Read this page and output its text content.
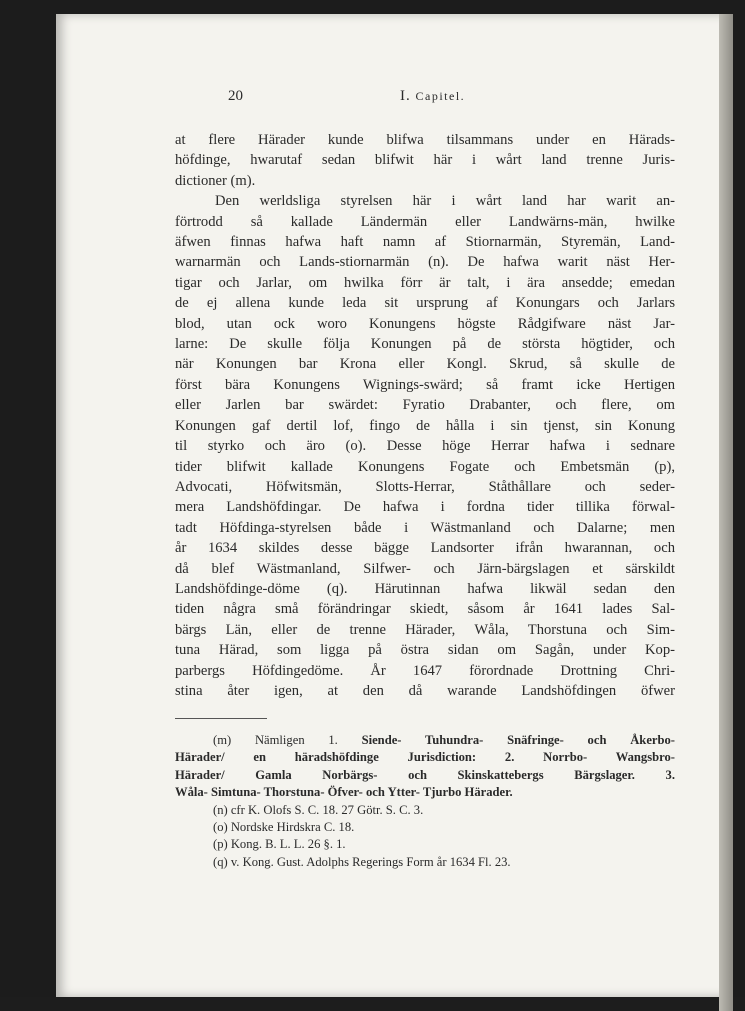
20	I. Capitel.
at flere Härader kunde blifwa tilsammans under en Härads-
höfdinge, hwarutaf sedan blifwit här i wårt land trenne Juris-
dictioner (m).
Den werldsliga styrelsen här i wårt land har warit an-
förtrodd så kallade Ländermän eller Landwärns-män, hwilke
äfwen finnas hafwa haft namn af Stiornarmän, Styremän, Land-
warnarmän och Lands-stiornarmän (n). De hafwa warit näst Her-
tigar och Jarlar, om hwilka förr är talt, i ära ansedde; emedan
de ej allena kunde leda sit ursprung af Konungars och Jarlars
blod, utan ock woro Konungens högste Rådgifware näst Jar-
larne: De skulle följa Konungen på de största högtider, och
när Konungen bar Krona eller Kongl. Skrud, så skulle de
först bära Konungens Wignings-swärd; så framt icke Hertigen
eller Jarlen bar swärdet: Fyratio Drabanter, och flere, om
Konungen gaf dertil lof, fingo de hålla i sin tjenst, sin Konung
til styrko och äro (o). Desse höge Herrar hafwa i sednare
tider blifwit kallade Konungens Fogate och Embetsmän (p),
Advocati, Höfwitsmän, Slotts-Herrar, Ståthållare och seder-
mera Landshöfdingar. De hafwa i fordna tider tillika förwal-
tadt Höfdinga-styrelsen både i Wästmanland och Dalarne; men
år 1634 skildes desse bägge Landsorter ifrån hwarannan, och
då blef Wästmanland, Silfwer- och Järn-bärgslagen et särskildt
Landshöfdinge-döme (q). Härutinnan hafwa likwäl sedan den
tiden några små förändringar skiedt, såsom år 1641 lades Sal-
bärgs Län, eller de trenne Härader, Wåla, Thorstuna och Sim-
tuna Härad, som ligga på östra sidan om Sagån, under Kop-
parbergs Höfdingedöme. År 1647 förordnade Drottning Chri-
stina åter igen, at den då warande Landshöfdingen öfwer
(m) Nämligen 1. Siende- Tuhundra- Snäfringe- och Åkerbo-
Härader/ en häradshöfdinge Jurisdiction: 2. Norrbo- Wangsbro-
Härader/ Gamla Norbärgs- och Skinskattebergs Bärgslager. 3.
Wåla- Simtuna- Thorstuna- Öfver- och Ytter- Tjurbo Härader.
(n) cfr K. Olofs S. C. 18. 27 Götr. S. C. 3.
(o) Nordske Hirdskra C. 18.
(p) Kong. B. L. L. 26 §. 1.
(q) v. Kong. Gust. Adolphs Regerings Form år 1634 Fl. 23.
